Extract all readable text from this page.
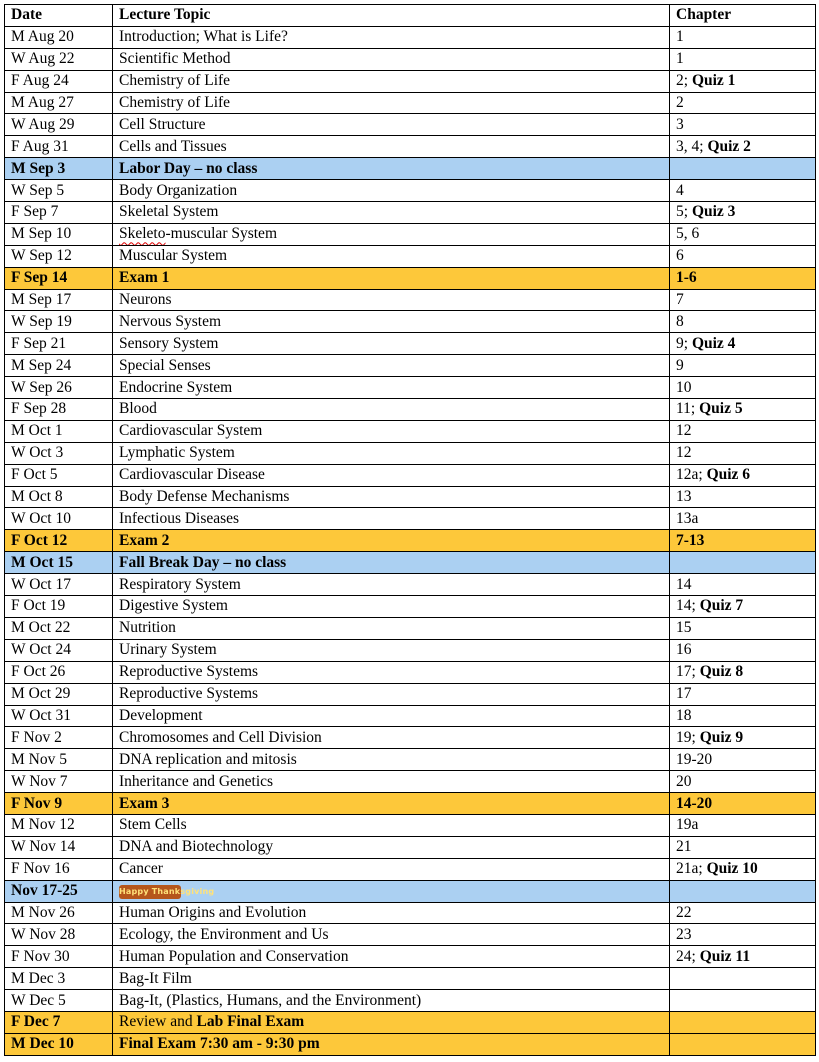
Date	Lecture Topic	Chapter
M Aug 20	Introduction; What is Life?	1
W Aug 22	Scientific Method	1
F Aug 24	Chemistry of Life	2; Quiz 1
M Aug 27	Chemistry of Life	2
W Aug 29	Cell Structure	3
F Aug 31	Cells and Tissues	3, 4; Quiz 2
M Sep 3	Labor Day – no class	
W Sep 5	Body Organization	4
F Sep 7	Skeletal System	5; Quiz 3
M Sep 10	Skeleto-muscular System	5, 6
W Sep 12	Muscular System	6
F Sep 14	Exam 1	1-6
M Sep 17	Neurons	7
W Sep 19	Nervous System	8
F Sep 21	Sensory System	9; Quiz 4
M Sep 24	Special Senses	9
W Sep 26	Endocrine System	10
F Sep 28	Blood	11; Quiz 5
M Oct 1	Cardiovascular System	12
W Oct 3	Lymphatic System	12
F Oct 5	Cardiovascular Disease	12a; Quiz 6
M Oct 8	Body Defense Mechanisms	13
W Oct 10	Infectious Diseases	13a
F Oct 12	Exam 2	7-13
M Oct 15	Fall Break Day – no class	
W Oct 17	Respiratory System	14
F Oct 19	Digestive System	14; Quiz 7
M Oct 22	Nutrition	15
W Oct 24	Urinary System	16
F Oct 26	Reproductive Systems	17; Quiz 8
M Oct 29	Reproductive Systems	17
W Oct 31	Development	18
F Nov 2	Chromosomes and Cell Division	19; Quiz 9
M Nov 5	DNA replication and mitosis	19-20
W Nov 7	Inheritance and Genetics	20
F Nov 9	Exam 3	14-20
M Nov 12	Stem Cells	19a
W Nov 14	DNA and Biotechnology	21
F Nov 16	Cancer	21a; Quiz 10
Nov 17-25	Happy Thanksgiving	
M Nov 26	Human Origins and Evolution	22
W Nov 28	Ecology, the Environment and Us	23
F Nov 30	Human Population and Conservation	24; Quiz 11
M Dec 3	Bag-It Film	
W Dec 5	Bag-It, (Plastics, Humans, and the Environment)	
F Dec 7	Review and Lab Final Exam	
M Dec 10	Final Exam 7:30 am - 9:30 pm	
